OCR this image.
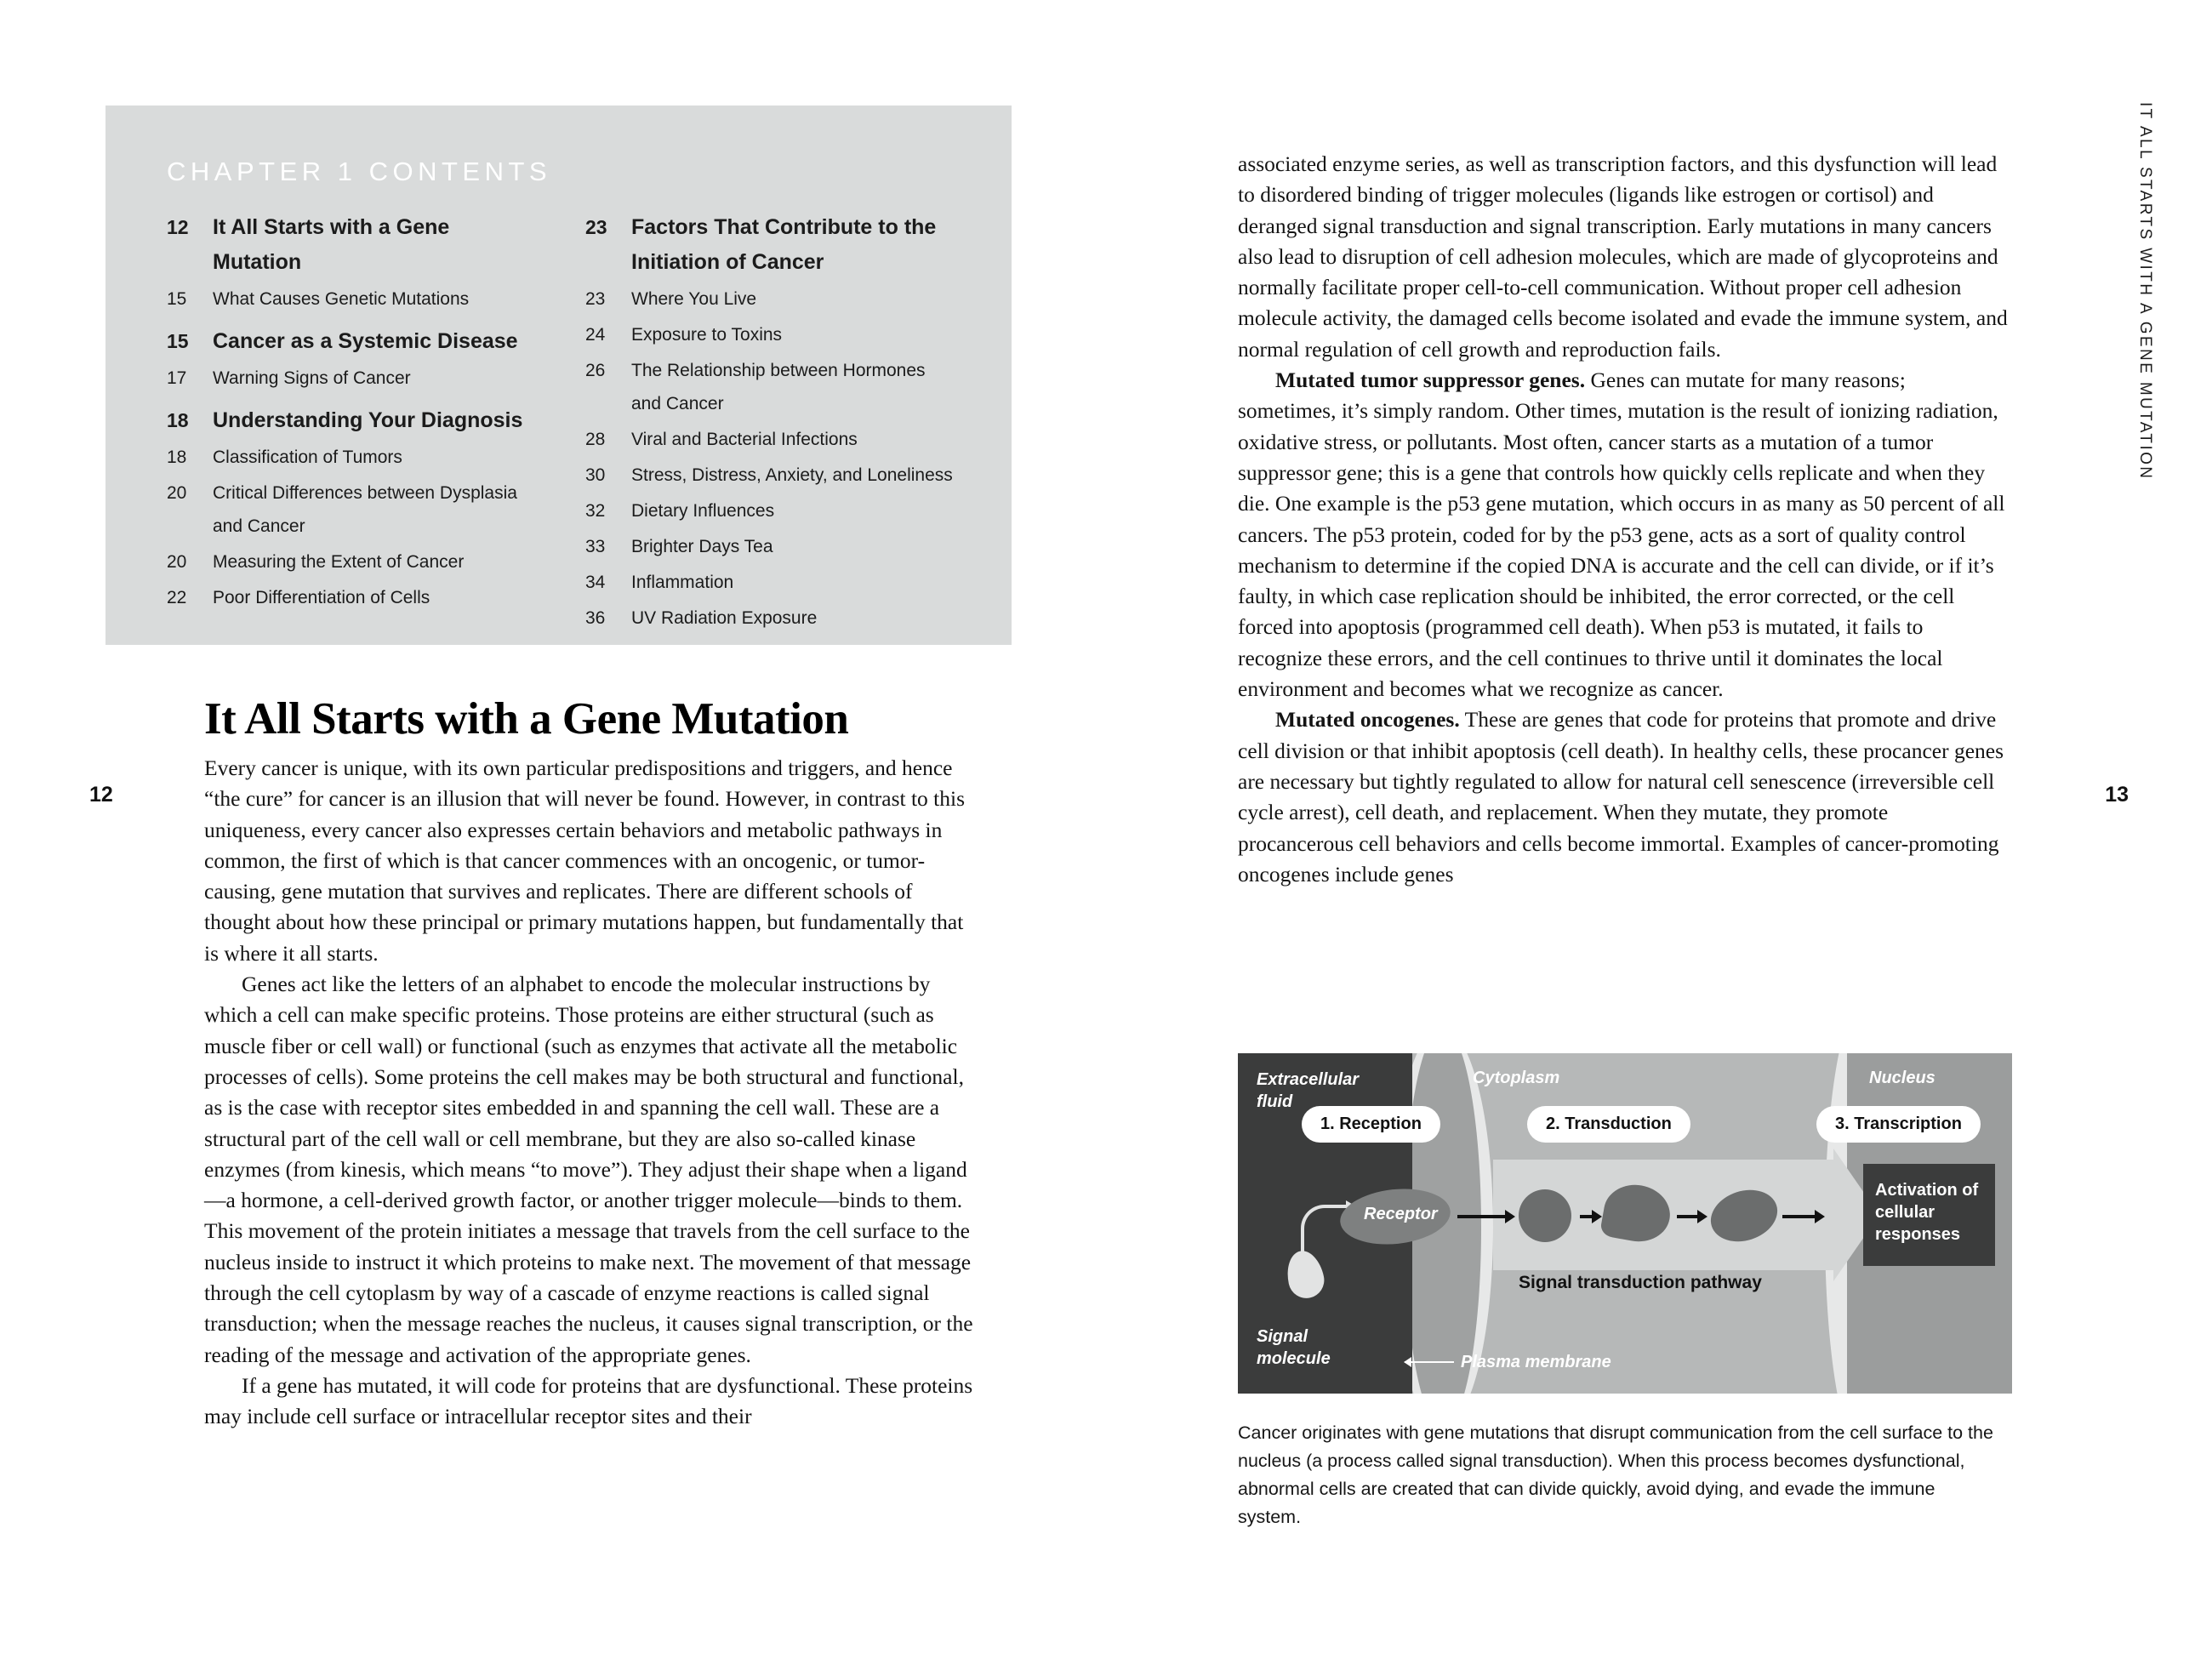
CHAPTER 1 CONTENTS
12	It All Starts with a Gene Mutation
15	What Causes Genetic Mutations
15	Cancer as a Systemic Disease
17	Warning Signs of Cancer
18	Understanding Your Diagnosis
18	Classification of Tumors
20	Critical Differences between Dysplasia and Cancer
20	Measuring the Extent of Cancer
22	Poor Differentiation of Cells
23	Factors That Contribute to the Initiation of Cancer
23	Where You Live
24	Exposure to Toxins
26	The Relationship between Hormones and Cancer
28	Viral and Bacterial Infections
30	Stress, Distress, Anxiety, and Loneliness
32	Dietary Influences
33	Brighter Days Tea
34	Inflammation
36	UV Radiation Exposure
It All Starts with a Gene Mutation

Every cancer is unique, with its own particular predispositions and triggers, and hence “the cure” for cancer is an illusion that will never be found. However, in contrast to this uniqueness, every cancer also expresses certain behaviors and metabolic pathways in common, the first of which is that cancer commences with an oncogenic, or tumor-causing, gene mutation that survives and replicates. There are different schools of thought about how these principal or primary mutations happen, but fundamentally that is where it all starts.

Genes act like the letters of an alphabet to encode the molecular instructions by which a cell can make specific proteins. Those proteins are either structural (such as muscle fiber or cell wall) or functional (such as enzymes that activate all the metabolic processes of cells). Some proteins the cell makes may be both structural and functional, as is the case with receptor sites embedded in and spanning the cell wall. These are a structural part of the cell wall or cell membrane, but they are also so-called kinase enzymes (from kinesis, which means “to move”). They adjust their shape when a ligand—a hormone, a cell-derived growth factor, or another trigger molecule—binds to them. This movement of the protein initiates a message that travels from the cell surface to the nucleus inside to instruct it which proteins to make next. The movement of that message through the cell cytoplasm by way of a cascade of enzyme reactions is called signal transduction; when the message reaches the nucleus, it causes signal transcription, or the reading of the message and activation of the appropriate genes.

If a gene has mutated, it will code for proteins that are dysfunctional. These proteins may include cell surface or intracellular receptor sites and their

12
IT ALL STARTS WITH A GENE MUTATION

associated enzyme series, as well as transcription factors, and this dysfunction will lead to disordered binding of trigger molecules (ligands like estrogen or cortisol) and deranged signal transduction and signal transcription. Early mutations in many cancers also lead to disruption of cell adhesion molecules, which are made of glycoproteins and normally facilitate proper cell-to-cell communication. Without proper cell adhesion molecule activity, the damaged cells become isolated and evade the immune system, and normal regulation of cell growth and reproduction fails.

Mutated tumor suppressor genes. Genes can mutate for many reasons; sometimes, it’s simply random. Other times, mutation is the result of ionizing radiation, oxidative stress, or pollutants. Most often, cancer starts as a mutation of a tumor suppressor gene; this is a gene that controls how quickly cells replicate and when they die. One example is the p53 gene mutation, which occurs in as many as 50 percent of all cancers. The p53 protein, coded for by the p53 gene, acts as a sort of quality control mechanism to determine if the copied DNA is accurate and the cell can divide, or if it’s faulty, in which case replication should be inhibited, the error corrected, or the cell forced into apoptosis (programmed cell death). When p53 is mutated, it fails to recognize these errors, and the cell continues to thrive until it dominates the local environment and becomes what we recognize as cancer.

Mutated oncogenes. These are genes that code for proteins that promote and drive cell division or that inhibit apoptosis (cell death). In healthy cells, these procancer genes are necessary but tightly regulated to allow for natural cell senescence (irreversible cell cycle arrest), cell death, and replacement. When they mutate, they promote procancerous cell behaviors and cells become immortal. Examples of cancer-promoting oncogenes include genes

13
Extracellular fluid
Cytoplasm	Nucleus
Signal molecule
Receptor
Plasma membrane
1. Reception	2. Transduction	3. Transcription
Signal transduction pathway
Activation of cellular responses
Cancer originates with gene mutations that disrupt communication from the cell surface to the nucleus (a process called signal transduction). When this process becomes dysfunctional, abnormal cells are created that can divide quickly, avoid dying, and evade the immune system.
